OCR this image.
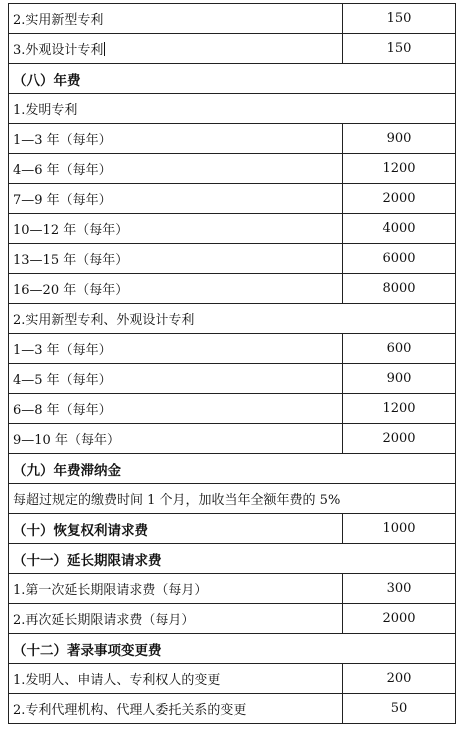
2.实用新型专利	150
3.外观设计专利	150
（八）年费
1.发明专利
1—3 年（每年）	900
4—6 年（每年）	1200
7—9 年（每年）	2000
10—12 年（每年）	4000
13—15 年（每年）	6000
16—20 年（每年）	8000
2.实用新型专利、外观设计专利
1—3 年（每年）	600
4—5 年（每年）	900
6—8 年（每年）	1200
9—10 年（每年）	2000
（九）年费滞纳金
每超过规定的缴费时间 1 个月，加收当年全额年费的 5%
（十）恢复权利请求费	1000
（十一）延长期限请求费
1.第一次延长期限请求费（每月）	300
2.再次延长期限请求费（每月）	2000
（十二）著录事项变更费
1.发明人、申请人、专利权人的变更	200
2.专利代理机构、代理人委托关系的变更	50
